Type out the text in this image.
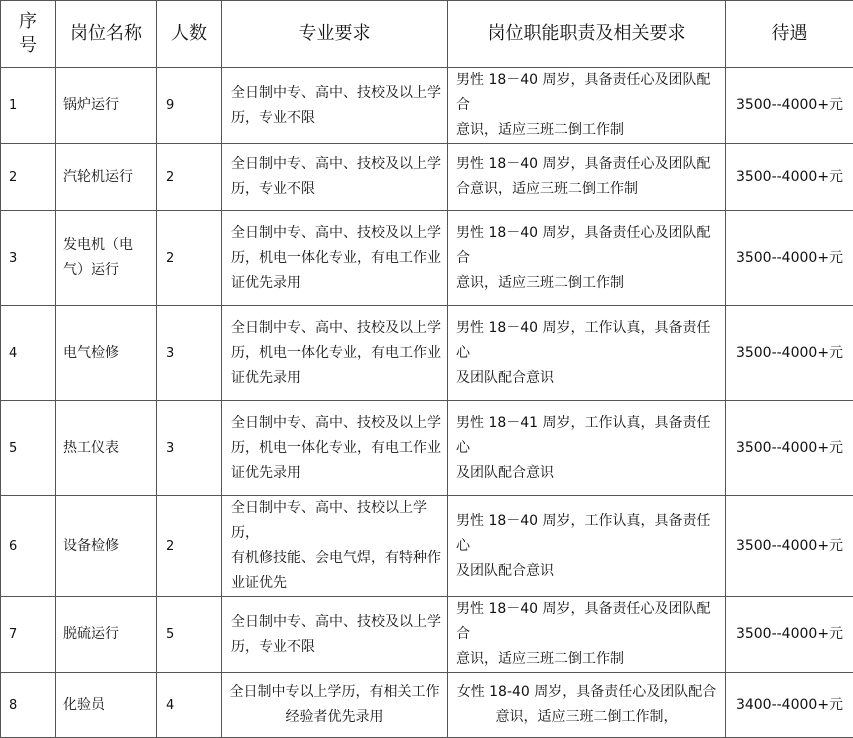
序
号	岗位名称	人数	专业要求	岗位职能职责及相关要求	待遇
1	锅炉运行	9	全日制中专、高中、技校及以上学
历，专业不限	男性 18－40 周岁，具备责任心及团队配合
意识，适应三班二倒工作制	3500--4000+元
2	汽轮机运行	2	全日制中专、高中、技校及以上学
历，专业不限	男性 18－40 周岁，具备责任心及团队配
合意识，适应三班二倒工作制	3500--4000+元
3	发电机（电
气）运行	2	全日制中专、高中、技校及以上学
历，机电一体化专业，有电工作业
证优先录用	男性 18－40 周岁，具备责任心及团队配合
意识，适应三班二倒工作制	3500--4000+元
4	电气检修	3	全日制中专、高中、技校及以上学
历，机电一体化专业，有电工作业
证优先录用	男性 18－40 周岁，工作认真，具备责任心
及团队配合意识	3500--4000+元
5	热工仪表	3	全日制中专、高中、技校及以上学
历，机电一体化专业，有电工作业
证优先录用	男性 18－41 周岁，工作认真，具备责任心
及团队配合意识	3500--4000+元
6	设备检修	2	全日制中专、高中、技校以上学历，
有机修技能、会电气焊，有特种作
业证优先	男性 18－40 周岁，工作认真，具备责任心
及团队配合意识	3500--4000+元
7	脱硫运行	5	全日制中专、高中、技校及以上学
历，专业不限	男性 18－40 周岁，具备责任心及团队配合
意识，适应三班二倒工作制	3500--4000+元
8	化验员	4	全日制中专以上学历，有相关工作
经验者优先录用	女性 18-40 周岁，具备责任心及团队配合
意识，适应三班二倒工作制，	3400--4000+元
